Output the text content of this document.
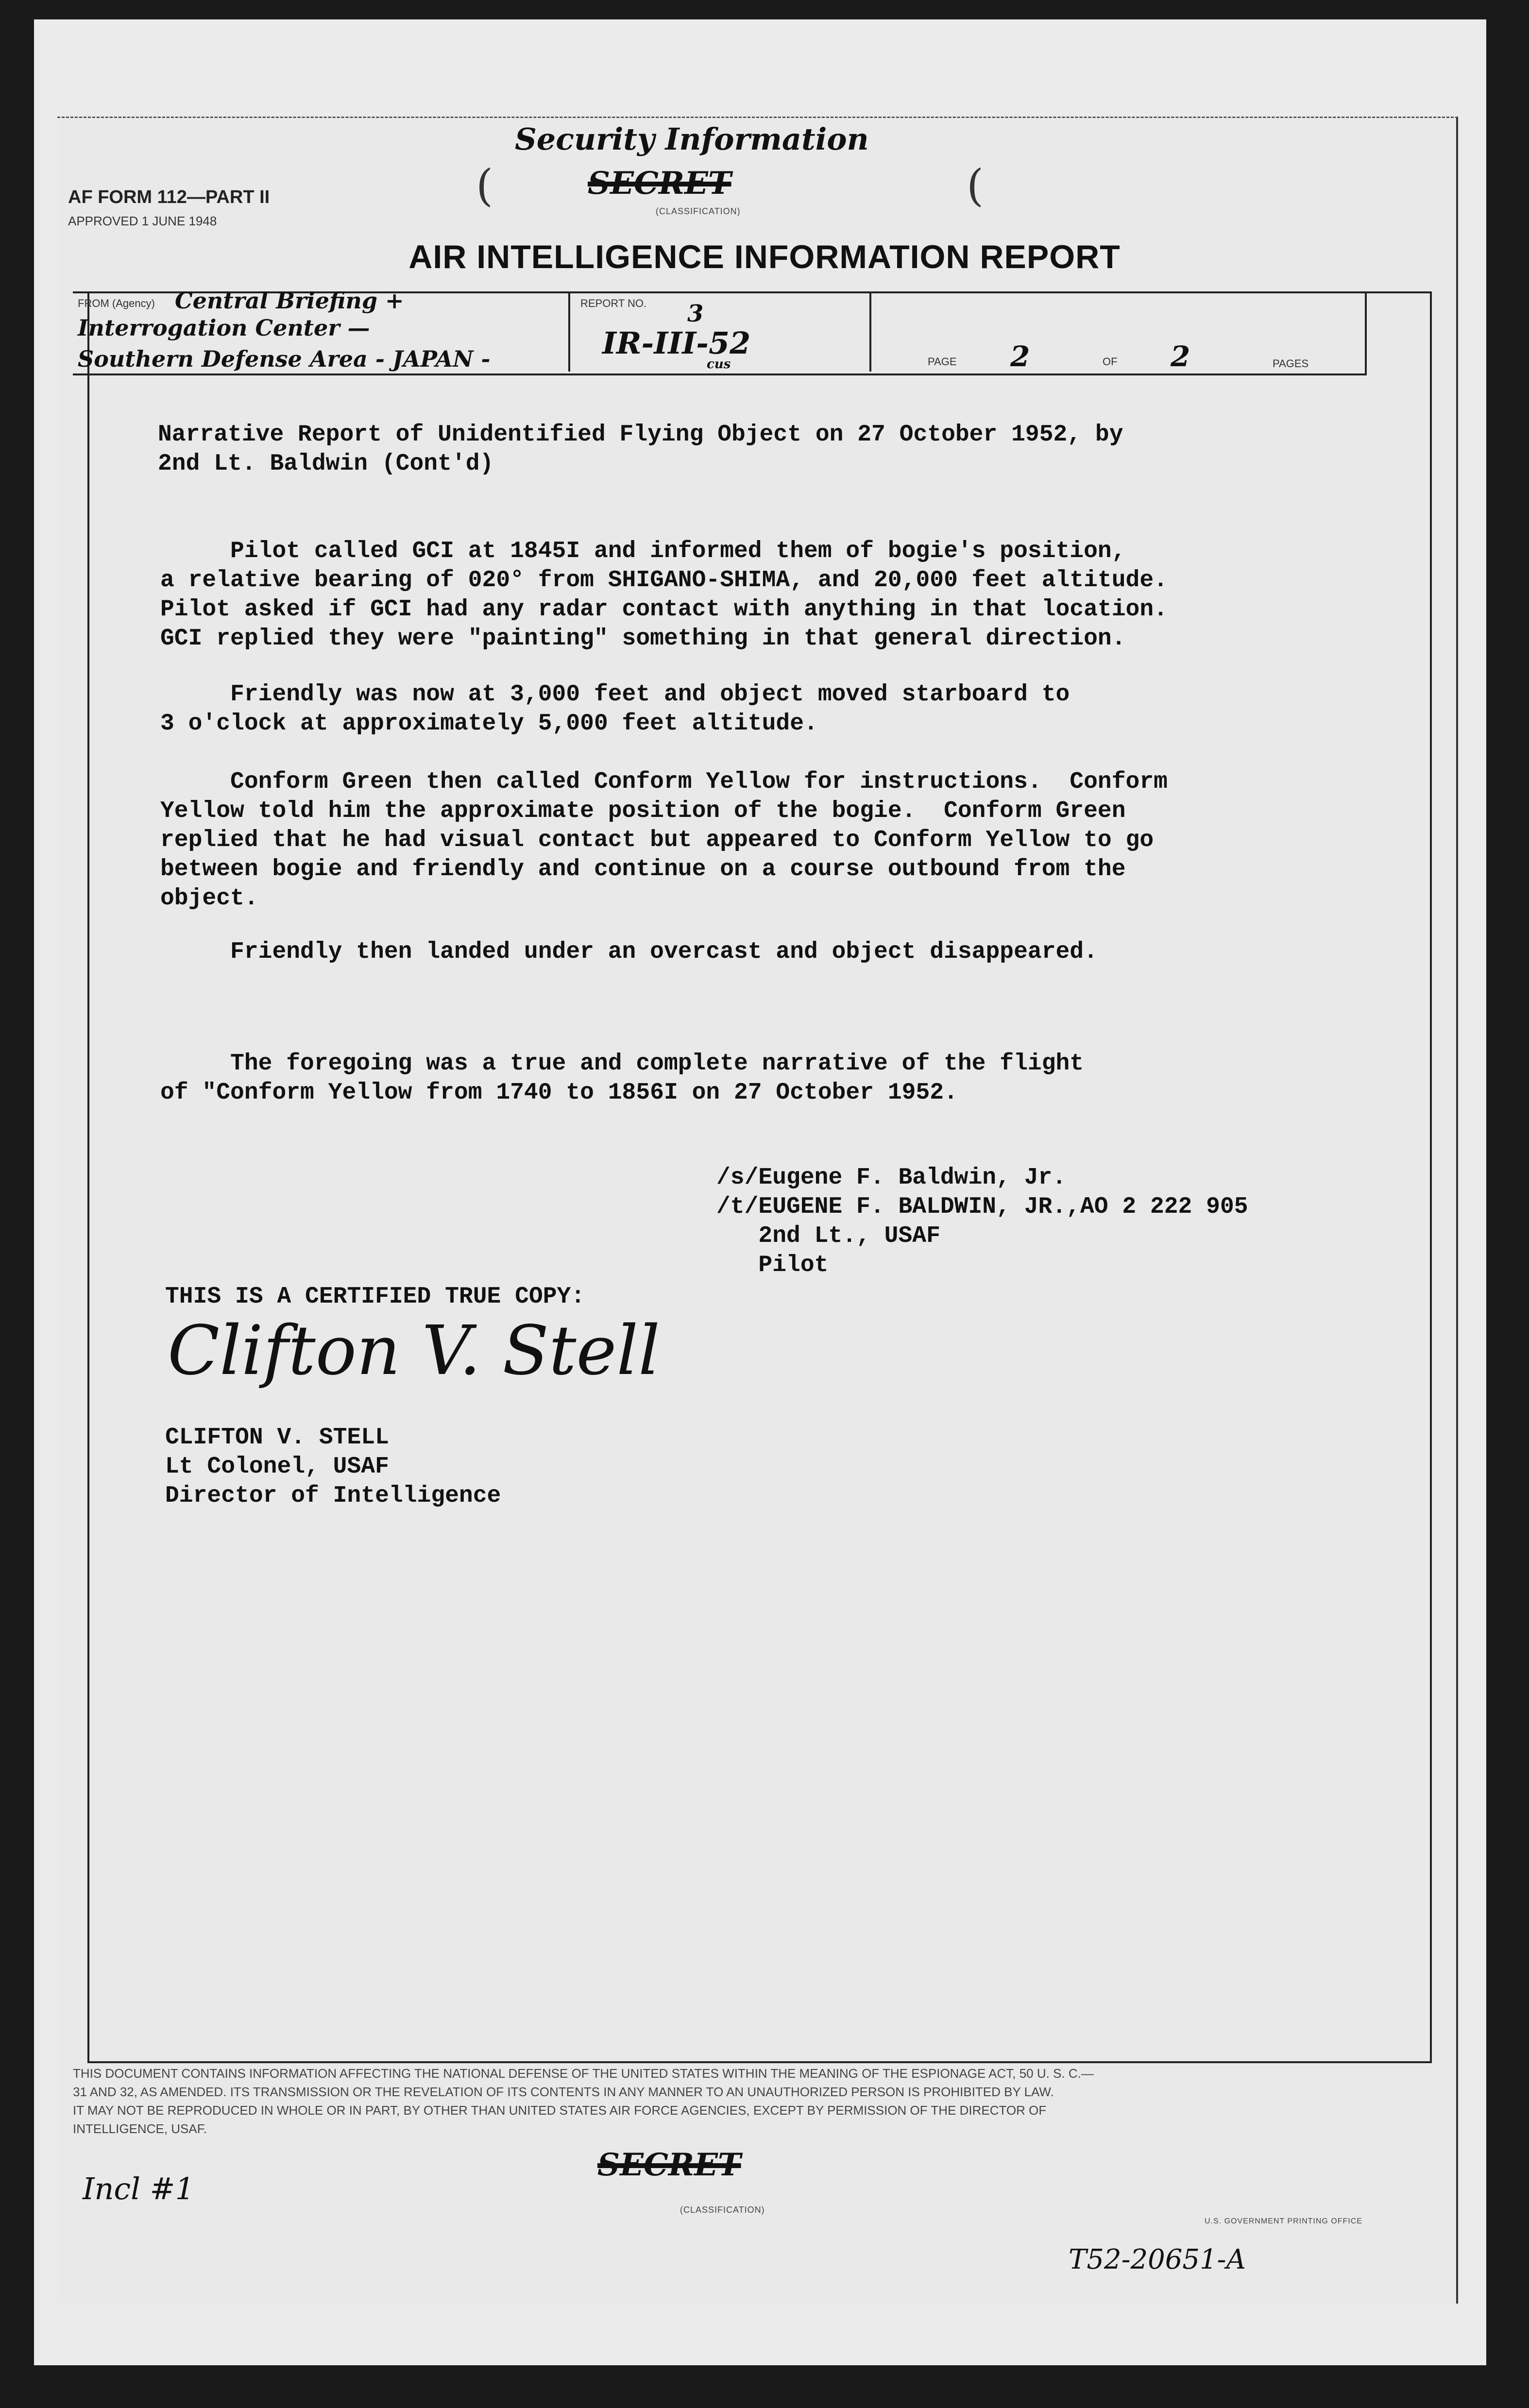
Security Information
(	(
SECRET
(CLASSIFICATION)
AF FORM 112—PART II
APPROVED 1 JUNE 1948
AIR INTELLIGENCE INFORMATION REPORT
FROM (Agency) Central Briefing +
Interrogation Center —
Southern Defense Area - JAPAN -
REPORT NO. 3
IR-III-52
cus	PAGE 2	OF 2	PAGES
Narrative Report of Unidentified Flying Object on 27 October 1952, by
2nd Lt. Baldwin (Cont'd)

Pilot called GCI at 1845I and informed them of bogie's position,
a relative bearing of 020° from SHIGANO-SHIMA, and 20,000 feet altitude.
Pilot asked if GCI had any radar contact with anything in that location.
GCI replied they were "painting" something in that general direction.

Friendly was now at 3,000 feet and object moved starboard to
3 o'clock at approximately 5,000 feet altitude.

Conform Green then called Conform Yellow for instructions.  Conform
Yellow told him the approximate position of the bogie.  Conform Green
replied that he had visual contact but appeared to Conform Yellow to go
between bogie and friendly and continue on a course outbound from the
object.

Friendly then landed under an overcast and object disappeared.

The foregoing was a true and complete narrative of the flight
of "Conform Yellow from 1740 to 1856I on 27 October 1952.

/s/Eugene F. Baldwin, Jr.
/t/EUGENE F. BALDWIN, JR.,AO 2 222 905
2nd Lt., USAF
Pilot

THIS IS A CERTIFIED TRUE COPY:
Clifton V. Stell

CLIFTON V. STELL
Lt Colonel, USAF
Director of Intelligence

THIS DOCUMENT CONTAINS INFORMATION AFFECTING THE NATIONAL DEFENSE OF THE UNITED STATES WITHIN THE MEANING OF THE ESPIONAGE ACT, 50 U. S. C.—
31 AND 32, AS AMENDED. ITS TRANSMISSION OR THE REVELATION OF ITS CONTENTS IN ANY MANNER TO AN UNAUTHORIZED PERSON IS PROHIBITED BY LAW.
IT MAY NOT BE REPRODUCED IN WHOLE OR IN PART, BY OTHER THAN UNITED STATES AIR FORCE AGENCIES, EXCEPT BY PERMISSION OF THE DIRECTOR OF
INTELLIGENCE, USAF.
Incl #1
SECRET
(CLASSIFICATION)
U.S. GOVERNMENT PRINTING OFFICE
T52-20651-A
